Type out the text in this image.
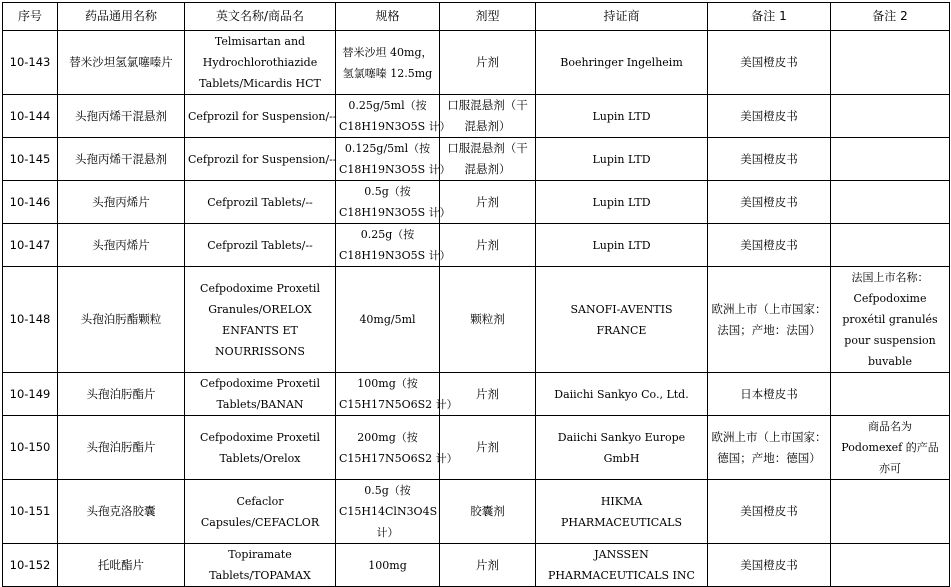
序号	药品通用名称	英文名称/商品名	规格	剂型	持证商	备注 1	备注 2
10-143	替米沙坦氢氯噻嗪片	Telmisartan and
Hydrochlorothiazide
Tablets/Micardis HCT	替米沙坦 40mg，
氢氯噻嗪 12.5mg	片剂	Boehringer Ingelheim	美国橙皮书	

10-144	头孢丙烯干混悬剂	Cefprozil for Suspension/--	0.25g/5ml（按
C18H19N3O5S 计）	口服混悬剂（干
混悬剂）	Lupin LTD	美国橙皮书	

10-145	头孢丙烯干混悬剂	Cefprozil for Suspension/--	0.125g/5ml（按
C18H19N3O5S 计）	口服混悬剂（干
混悬剂）	Lupin LTD	美国橙皮书	

10-146	头孢丙烯片	Cefprozil Tablets/--	0.5g（按
C18H19N3O5S 计）	片剂	Lupin LTD	美国橙皮书	

10-147	头孢丙烯片	Cefprozil Tablets/--	0.25g（按
C18H19N3O5S 计）	片剂	Lupin LTD	美国橙皮书	

10-148	头孢泊肟酯颗粒	Cefpodoxime Proxetil
Granules/ORELOX
ENFANTS ET
NOURRISSONS	40mg/5ml	颗粒剂	SANOFI-AVENTIS
FRANCE	欧洲上市（上市国家：
法国；产地：法国）	法国上市名称：
Cefpodoxime
proxétil granulés
pour suspension
buvable

10-149	头孢泊肟酯片	Cefpodoxime Proxetil
Tablets/BANAN	100mg（按
C15H17N5O6S2 计）	片剂	Daiichi Sankyo Co., Ltd.	日本橙皮书	

10-150	头孢泊肟酯片	Cefpodoxime Proxetil
Tablets/Orelox	200mg（按
C15H17N5O6S2 计）	片剂	Daiichi Sankyo Europe
GmbH	欧洲上市（上市国家：
德国；产地：德国）	商品名为
Podomexef 的产品
亦可

10-151	头孢克洛胶囊	Cefaclor
Capsules/CEFACLOR	0.5g（按
C15H14ClN3O4S
计）	胶囊剂	HIKMA
PHARMACEUTICALS	美国橙皮书	

10-152	托吡酯片	Topiramate
Tablets/TOPAMAX	100mg	片剂	JANSSEN
PHARMACEUTICALS INC	美国橙皮书	
